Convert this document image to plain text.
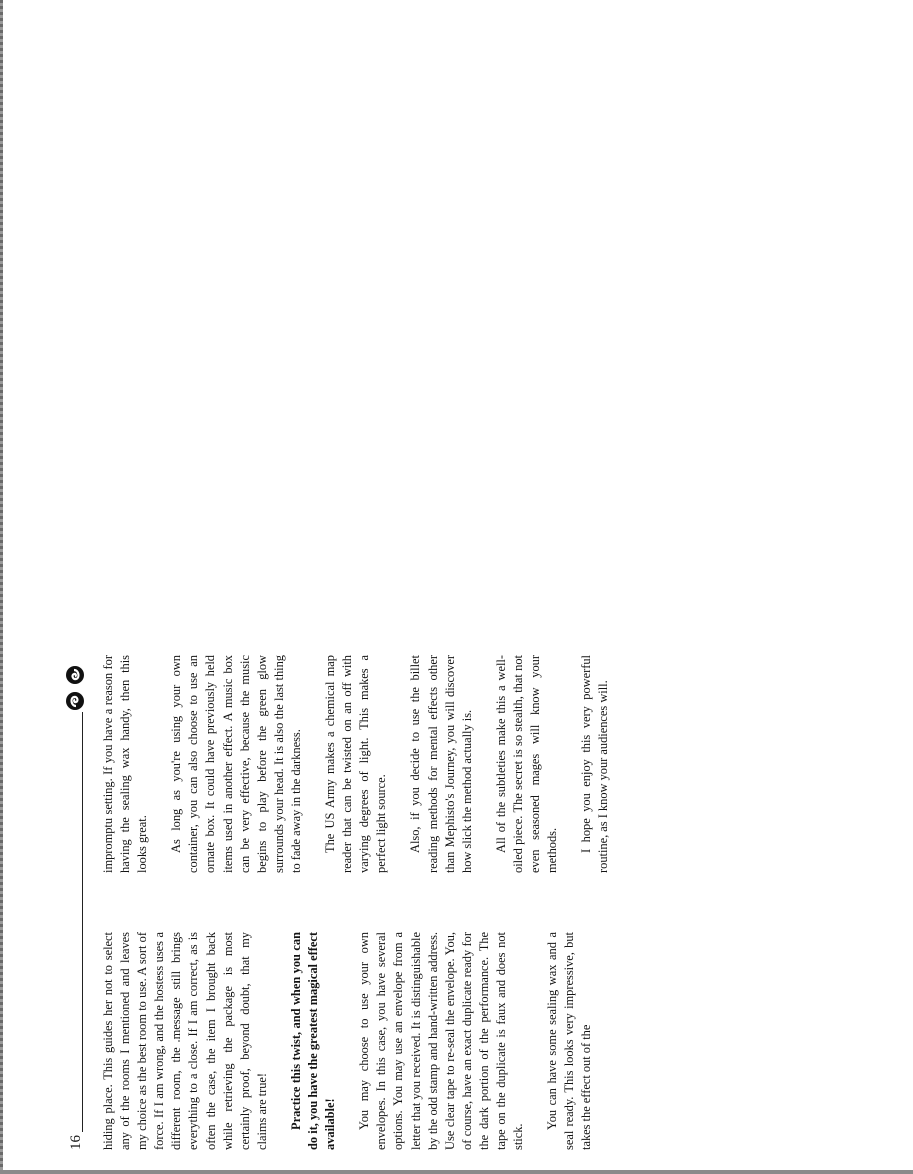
16 hiding place. This guides her not to select any of the rooms I mentioned and leaves my choice as the best room to use. A sort of force. If I am wrong, and the hostess uses a different room, the message still brings everything to a close. If I am correct, as is often the case, the item I brought back while retrieving the package is most certainly proof, beyond doubt, that my claims are true! Practice this twist, and when you can do it, you have the greatest magical effect available! You may choose to use your own envelopes. In this case, you have several options. You may use an envelope from a letter that you received. It is distinguishable by the odd stamp and hand-written address. Use clear tape to re-seal the envelope. You, of course, have an exact duplicate ready for the dark portion of the performance. The tape on the duplicate is faux and does not stick.

You can have some sealing wax and a seal ready. This looks very impressive, but takes the effect out of the

impromptu setting. If you have a reason for having the sealing wax handy, then this looks great. As long as you're using your own container, you can also choose to use an ornate box. It could have previously held items used in another effect. A music box can be very effective, because the music begins to play before the green glow surrounds your head. It is also the last thing to fade away in the darkness. The US Army makes a chemical map reader that can be twisted on an off with varying degrees of light. This makes a perfect light source. Also, if you decide to use the billet reading methods for mental effects other than Mephisto's Journey, you will discover how slick the method actually is. All of the subtleties make this a well-oiled piece. The secret is so stealth, that not even seasoned mages will know your methods. I hope you enjoy this very powerful routine, as I know your audiences will.
